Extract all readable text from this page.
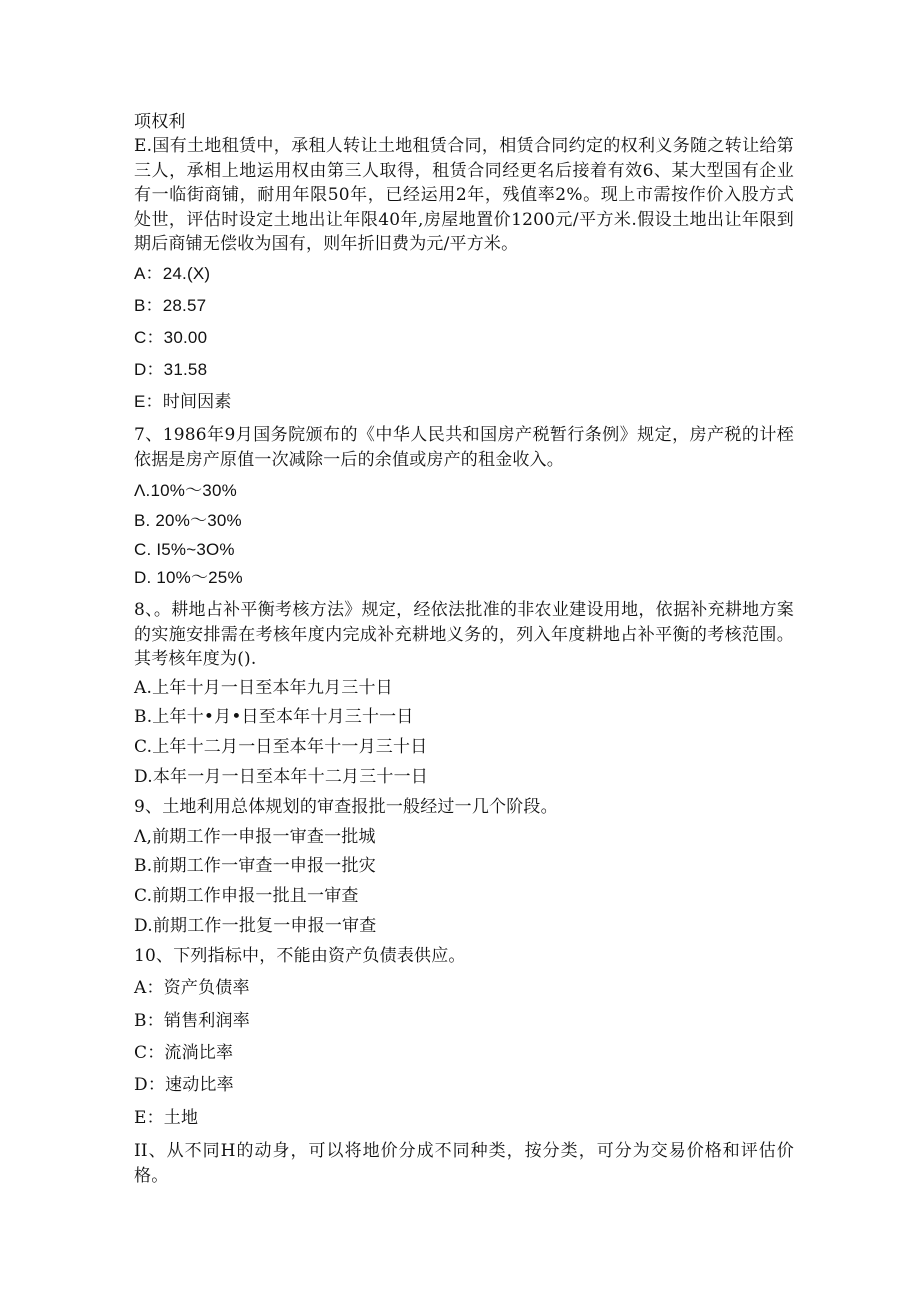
项权利
E.国有土地租赁中，承租人转让土地租赁合同，相赁合同约定的权利义务随之转让给第三人，承相上地运用权由第三人取得，租赁合同经更名后接着有效6、某大型国有企业有一临街商铺，耐用年限50年，已经运用2年，残值率2%。现上市需按作价入股方式处世，评估时设定土地出让年限40年,房屋地置价1200元/平方米.假设土地出让年限到期后商铺无偿收为国有，则年折旧费为元/平方米。
A：24.(X)
B：28.57
C：30.00
D：31.58
E：时间因素
7、1986年9月国务院颁布的《中华人民共和国房产税暂行条例》规定，房产税的计桎依据是房产原值一次减除一后的余值或房产的租金收入。
Λ.10%～30%
B. 20%～30%
C. I5%~3O%
D. 10%～25%
8、。耕地占补平衡考核方法》规定，经依法批准的非农业建设用地，依据补充耕地方案的实施安排需在考核年度内完成补充耕地义务的，列入年度耕地占补平衡的考核范围。其考核年度为().
A.上年十月一日至本年九月三十日
B.上年十•月•日至本年十月三十一日
C.上年十二月一日至本年十一月三十日
D.本年一月一日至本年十二月三十一日
9、土地利用总体规划的审查报批一般经过一几个阶段。
Λ,前期工作一申报一审查一批城
B.前期工作一审查一申报一批灾
C.前期工作申报一批且一审查
D.前期工作一批复一申报一审查
10、下列指标中，不能由资产负债表供应。
A：资产负债率
B：销售利润率
C：流淌比率
D：速动比率
E：土地
II、从不同H的动身，可以将地价分成不同种类，按分类，可分为交易价格和评估价格。
